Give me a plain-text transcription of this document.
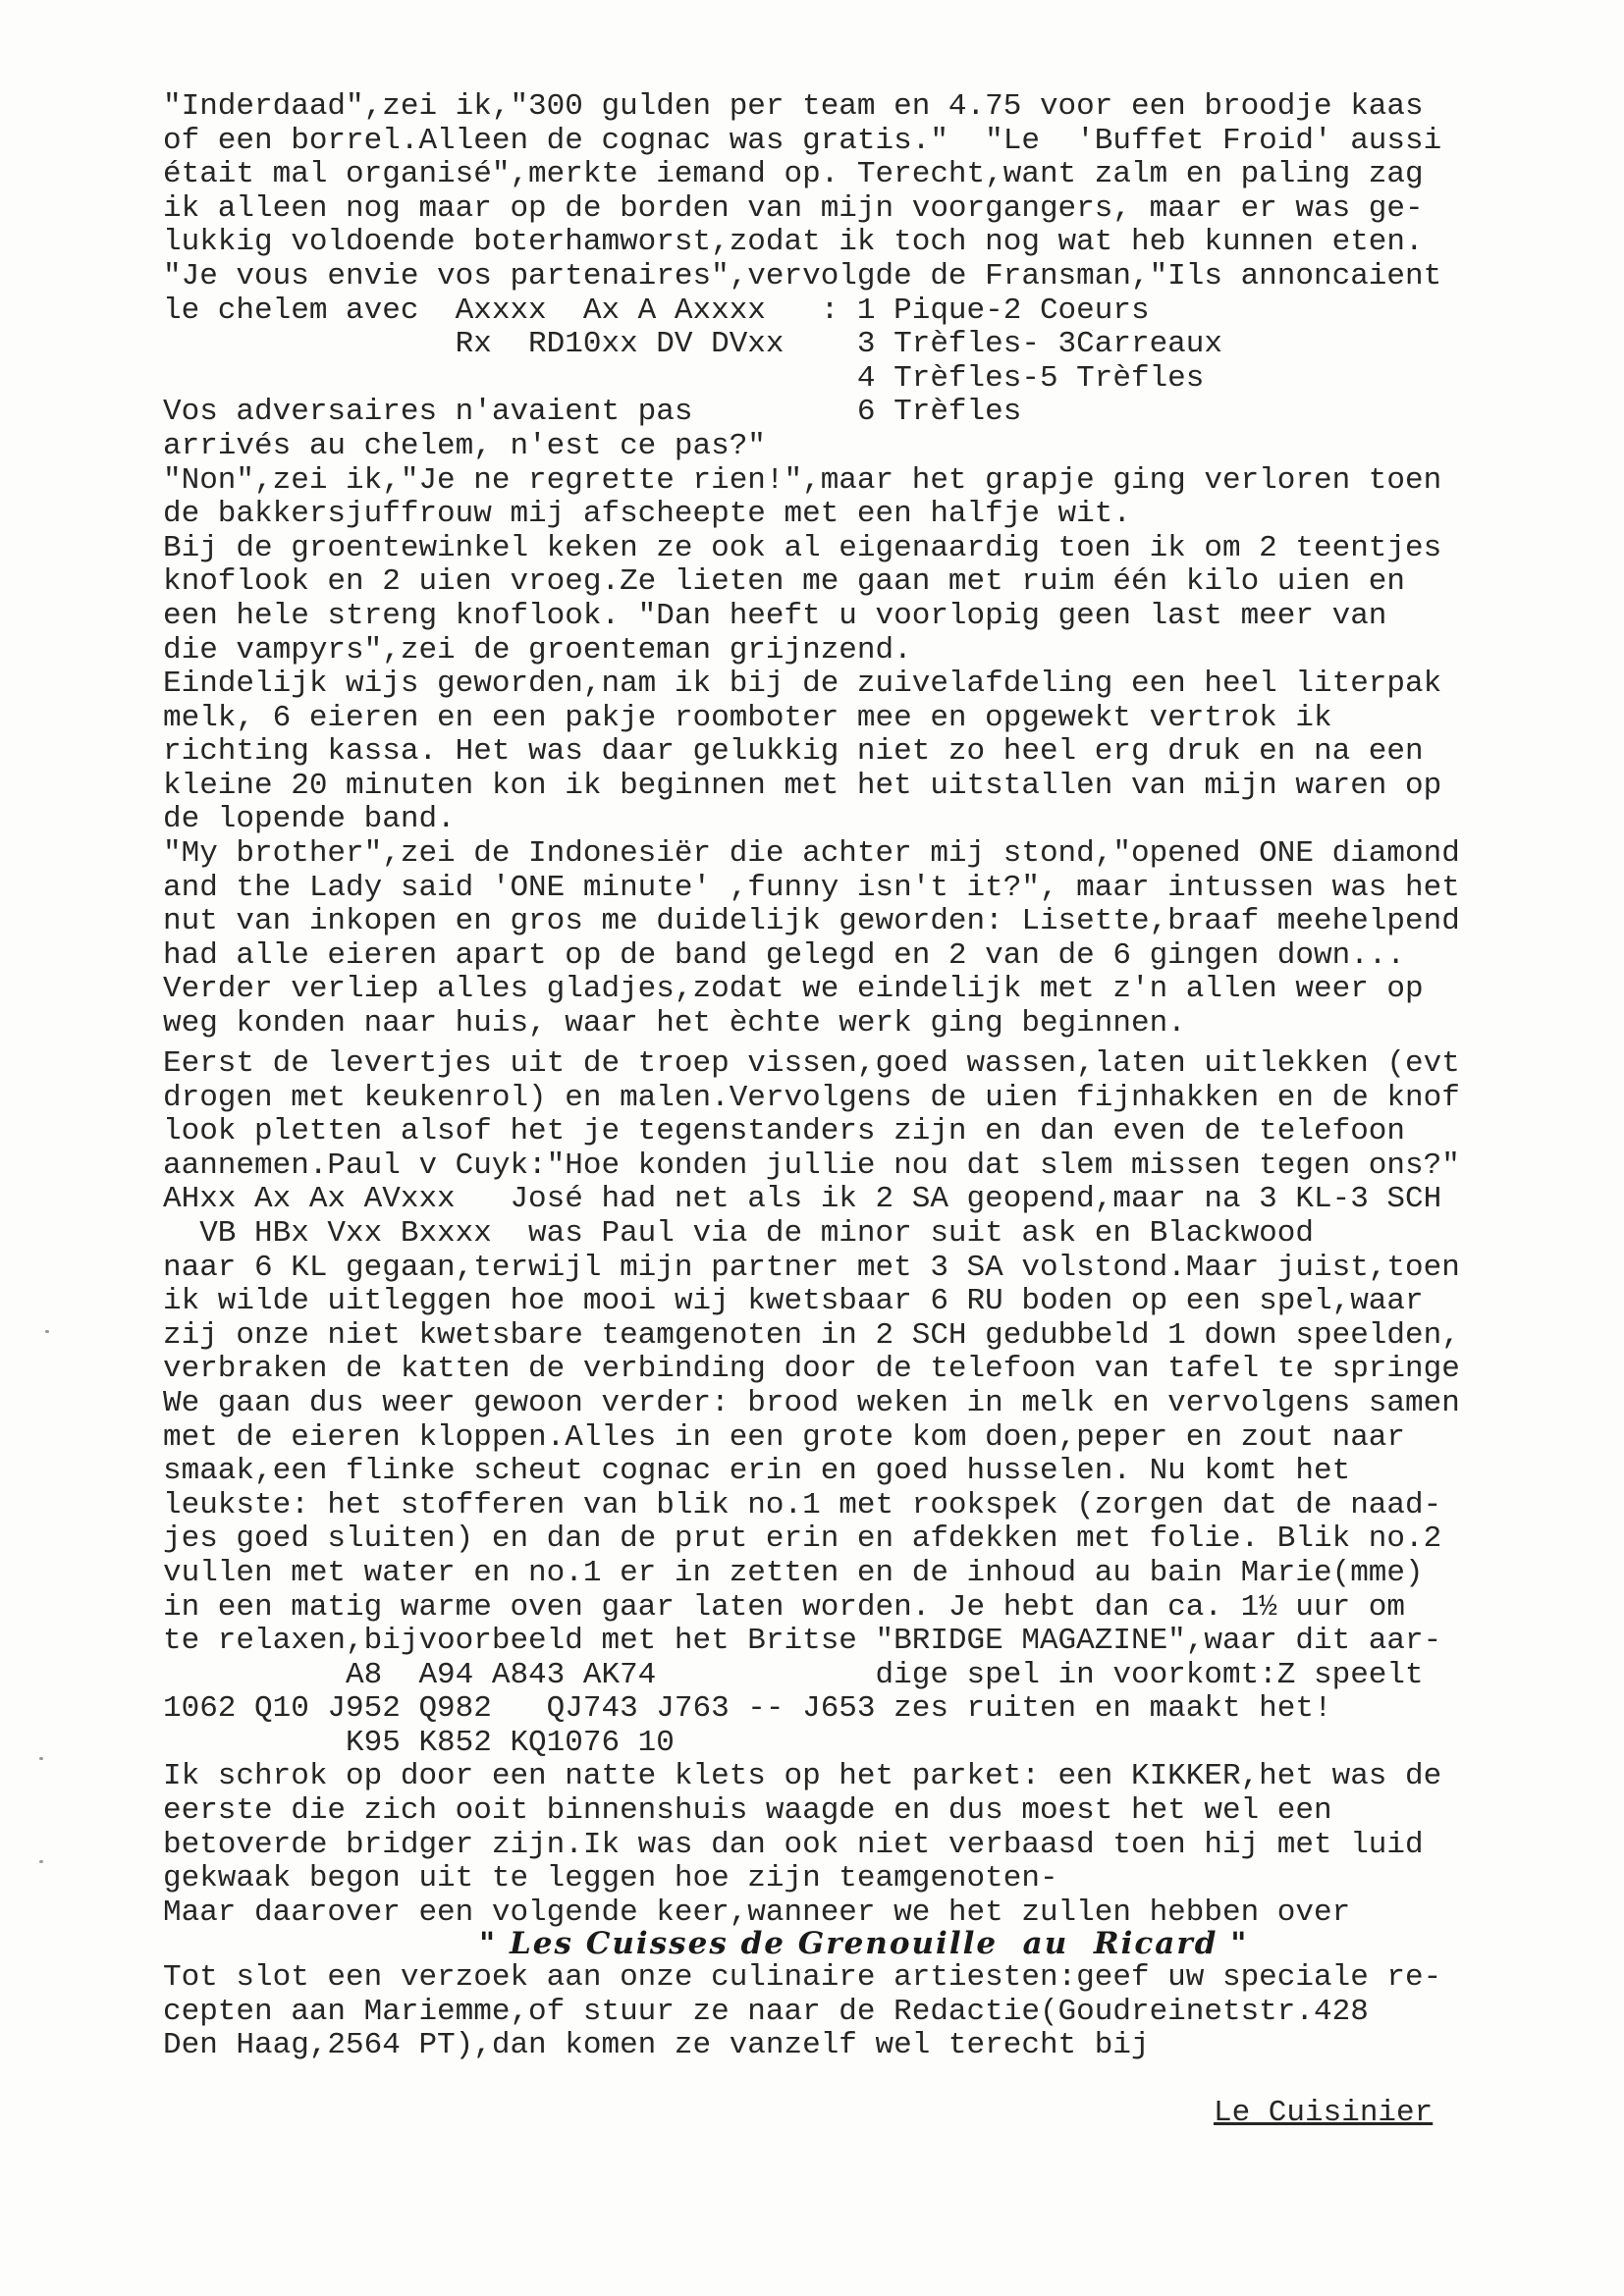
"Inderdaad",zei ik,"300 gulden per team en 4.75 voor een broodje kaas
of een borrel.Alleen de cognac was gratis."  "Le  'Buffet Froid' aussi
était mal organisé",merkte iemand op. Terecht,want zalm en paling zag
ik alleen nog maar op de borden van mijn voorgangers, maar er was ge-
lukkig voldoende boterhamworst,zodat ik toch nog wat heb kunnen eten.
"Je vous envie vos partenaires",vervolgde de Fransman,"Ils annoncaient
le chelem avec  Axxxx  Ax A Axxxx   : 1 Pique-2 Coeurs
Rx  RD10xx DV DVxx    3 Trèfles- 3Carreaux
4 Trèfles-5 Trèfles
Vos adversaires n'avaient pas         6 Trèfles
arrivés au chelem, n'est ce pas?"
"Non",zei ik,"Je ne regrette rien!",maar het grapje ging verloren toen
de bakkersjuffrouw mij afscheepte met een halfje wit.
Bij de groentewinkel keken ze ook al eigenaardig toen ik om 2 teentjes
knoflook en 2 uien vroeg.Ze lieten me gaan met ruim één kilo uien en
een hele streng knoflook. "Dan heeft u voorlopig geen last meer van
die vampyrs",zei de groenteman grijnzend.
Eindelijk wijs geworden,nam ik bij de zuivelafdeling een heel literpak
melk, 6 eieren en een pakje roomboter mee en opgewekt vertrok ik
richting kassa. Het was daar gelukkig niet zo heel erg druk en na een
kleine 20 minuten kon ik beginnen met het uitstallen van mijn waren op
de lopende band.
"My brother",zei de Indonesiër die achter mij stond,"opened ONE diamond
and the Lady said 'ONE minute' ,funny isn't it?", maar intussen was het
nut van inkopen en gros me duidelijk geworden: Lisette,braaf meehelpend
had alle eieren apart op de band gelegd en 2 van de 6 gingen down...
Verder verliep alles gladjes,zodat we eindelijk met z'n allen weer op
weg konden naar huis, waar het èchte werk ging beginnen.
Eerst de levertjes uit de troep vissen,goed wassen,laten uitlekken (evt
drogen met keukenrol) en malen.Vervolgens de uien fijnhakken en de knof
look pletten alsof het je tegenstanders zijn en dan even de telefoon
aannemen.Paul v Cuyk:"Hoe konden jullie nou dat slem missen tegen ons?"
AHxx Ax Ax AVxxx   José had net als ik 2 SA geopend,maar na 3 KL-3 SCH
VB HBx Vxx Bxxxx  was Paul via de minor suit ask en Blackwood
naar 6 KL gegaan,terwijl mijn partner met 3 SA volstond.Maar juist,toen
ik wilde uitleggen hoe mooi wij kwetsbaar 6 RU boden op een spel,waar
zij onze niet kwetsbare teamgenoten in 2 SCH gedubbeld 1 down speelden,
verbraken de katten de verbinding door de telefoon van tafel te springe
We gaan dus weer gewoon verder: brood weken in melk en vervolgens samen
met de eieren kloppen.Alles in een grote kom doen,peper en zout naar
smaak,een flinke scheut cognac erin en goed husselen. Nu komt het
leukste: het stofferen van blik no.1 met rookspek (zorgen dat de naad-
jes goed sluiten) en dan de prut erin en afdekken met folie. Blik no.2
vullen met water en no.1 er in zetten en de inhoud au bain Marie(mme)
in een matig warme oven gaar laten worden. Je hebt dan ca. 1½ uur om
te relaxen,bijvoorbeeld met het Britse "BRIDGE MAGAZINE",waar dit aar-
A8  A94 A843 AK74            dige spel in voorkomt:Z speelt
1062 Q10 J952 Q982   QJ743 J763 -- J653 zes ruiten en maakt het!
K95 K852 KQ1076 10
Ik schrok op door een natte klets op het parket: een KIKKER,het was de
eerste die zich ooit binnenshuis waagde en dus moest het wel een
betoverde bridger zijn.Ik was dan ook niet verbaasd toen hij met luid
gekwaak begon uit te leggen hoe zijn teamgenoten-
Maar daarover een volgende keer,wanneer we het zullen hebben over
" Les Cuisses de Grenouille  au  Ricard "
Tot slot een verzoek aan onze culinaire artiesten:geef uw speciale re-
cepten aan Mariemme,of stuur ze naar de Redactie(Goudreinetstr.428
Den Haag,2564 PT),dan komen ze vanzelf wel terecht bij
Le Cuisinier
